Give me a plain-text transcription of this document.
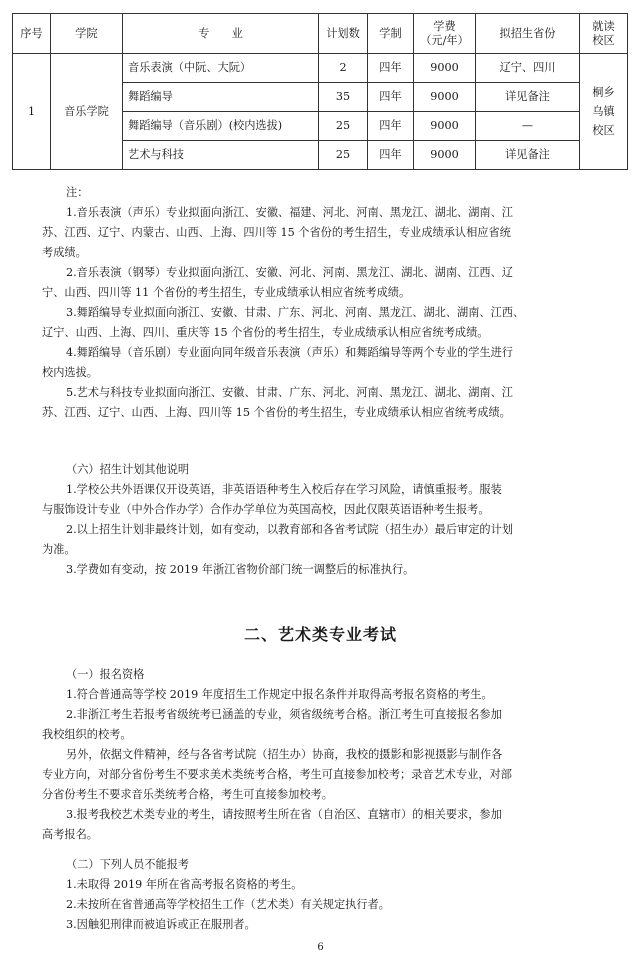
序号	学院	专　　业	计划数	学制	学费
（元/年）	拟招生省份	就读
校区
1	音乐学院	音乐表演（中阮、大阮）	2	四年	9000	辽宁、四川	桐乡
乌镇
校区
		舞蹈编导	35	四年	9000	详见备注	
		舞蹈编导（音乐剧）(校内选拔)	25	四年	9000	—	
		艺术与科技	25	四年	9000	详见备注	
注：
1.音乐表演（声乐）专业拟面向浙江、安徽、福建、河北、河南、黑龙江、湖北、湖南、江
苏、江西、辽宁、内蒙古、山西、上海、四川等 15 个省份的考生招生，专业成绩承认相应省统
考成绩。
2.音乐表演（钢琴）专业拟面向浙江、安徽、河北、河南、黑龙江、湖北、湖南、江西、辽
宁、山西、四川等 11 个省份的考生招生，专业成绩承认相应省统考成绩。
3.舞蹈编导专业拟面向浙江、安徽、甘肃、广东、河北、河南、黑龙江、湖北、湖南、江西、
辽宁、山西、上海、四川、重庆等 15 个省份的考生招生，专业成绩承认相应省统考成绩。
4.舞蹈编导（音乐剧）专业面向同年级音乐表演（声乐）和舞蹈编导等两个专业的学生进行
校内选拔。
5.艺术与科技专业拟面向浙江、安徽、甘肃、广东、河北、河南、黑龙江、湖北、湖南、江
苏、江西、辽宁、山西、上海、四川等 15 个省份的考生招生，专业成绩承认相应省统考成绩。
（六）招生计划其他说明
1.学校公共外语课仅开设英语，非英语语种考生入校后存在学习风险，请慎重报考。服装
与服饰设计专业（中外合作办学）合作办学单位为英国高校，因此仅限英语语种考生报考。
2.以上招生计划非最终计划，如有变动，以教育部和各省考试院（招生办）最后审定的计划
为准。
3.学费如有变动，按 2019 年浙江省物价部门统一调整后的标准执行。
二、艺术类专业考试
（一）报名资格
1.符合普通高等学校 2019 年度招生工作规定中报名条件并取得高考报名资格的考生。
2.非浙江考生若报考省级统考已涵盖的专业，须省级统考合格。浙江考生可直接报名参加
我校组织的校考。
另外，依据文件精神，经与各省考试院（招生办）协商，我校的摄影和影视摄影与制作各
专业方向，对部分省份考生不要求美术类统考合格，考生可直接参加校考；录音艺术专业，对部
分省份考生不要求音乐类统考合格，考生可直接参加校考。
3.报考我校艺术类专业的考生，请按照考生所在省（自治区、直辖市）的相关要求，参加
高考报名。
（二）下列人员不能报考
1.未取得 2019 年所在省高考报名资格的考生。
2.未按所在省普通高等学校招生工作（艺术类）有关规定执行者。
3.因触犯刑律而被追诉或正在服刑者。
6
